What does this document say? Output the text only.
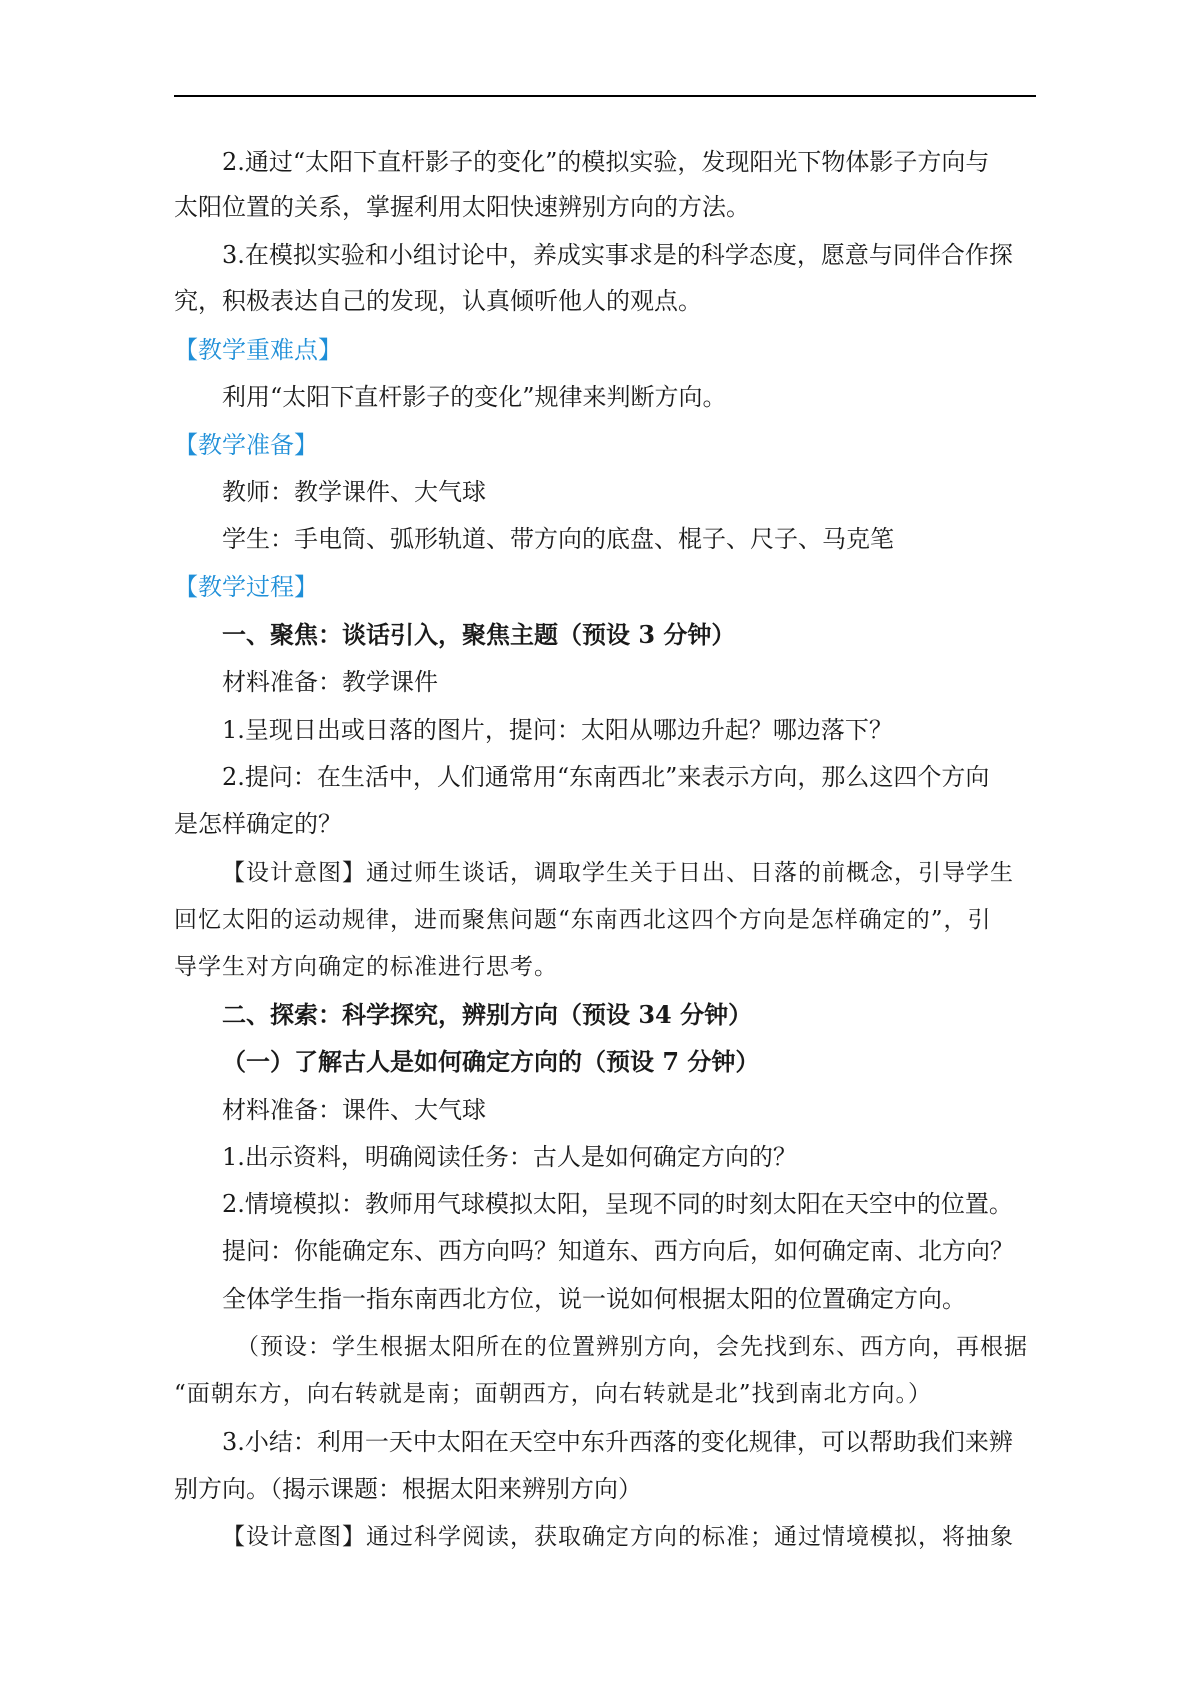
2.通过“太阳下直杆影子的变化”的模拟实验，发现阳光下物体影子方向与
太阳位置的关系，掌握利用太阳快速辨别方向的方法。
3.在模拟实验和小组讨论中，养成实事求是的科学态度，愿意与同伴合作探
究，积极表达自己的发现，认真倾听他人的观点。
【教学重难点】
利用“太阳下直杆影子的变化”规律来判断方向。
【教学准备】
教师：教学课件、大气球
学生：手电筒、弧形轨道、带方向的底盘、棍子、尺子、马克笔
【教学过程】
一、聚焦：谈话引入，聚焦主题（预设 3 分钟）
材料准备：教学课件
1.呈现日出或日落的图片，提问：太阳从哪边升起？哪边落下？
2.提问：在生活中，人们通常用“东南西北”来表示方向，那么这四个方向
是怎样确定的？
【设计意图】通过师生谈话，调取学生关于日出、日落的前概念，引导学生
回忆太阳的运动规律，进而聚焦问题“东南西北这四个方向是怎样确定的”，引
导学生对方向确定的标准进行思考。
二、探索：科学探究，辨别方向（预设 34 分钟）
（一）了解古人是如何确定方向的（预设 7 分钟）
材料准备：课件、大气球
1.出示资料，明确阅读任务：古人是如何确定方向的？
2.情境模拟：教师用气球模拟太阳，呈现不同的时刻太阳在天空中的位置。
提问：你能确定东、西方向吗？知道东、西方向后，如何确定南、北方向？
全体学生指一指东南西北方位，说一说如何根据太阳的位置确定方向。
（预设：学生根据太阳所在的位置辨别方向，会先找到东、西方向，再根据
“面朝东方，向右转就是南；面朝西方，向右转就是北”找到南北方向。）
3.小结：利用一天中太阳在天空中东升西落的变化规律，可以帮助我们来辨
别方向。（揭示课题：根据太阳来辨别方向）
【设计意图】通过科学阅读，获取确定方向的标准；通过情境模拟，将抽象
